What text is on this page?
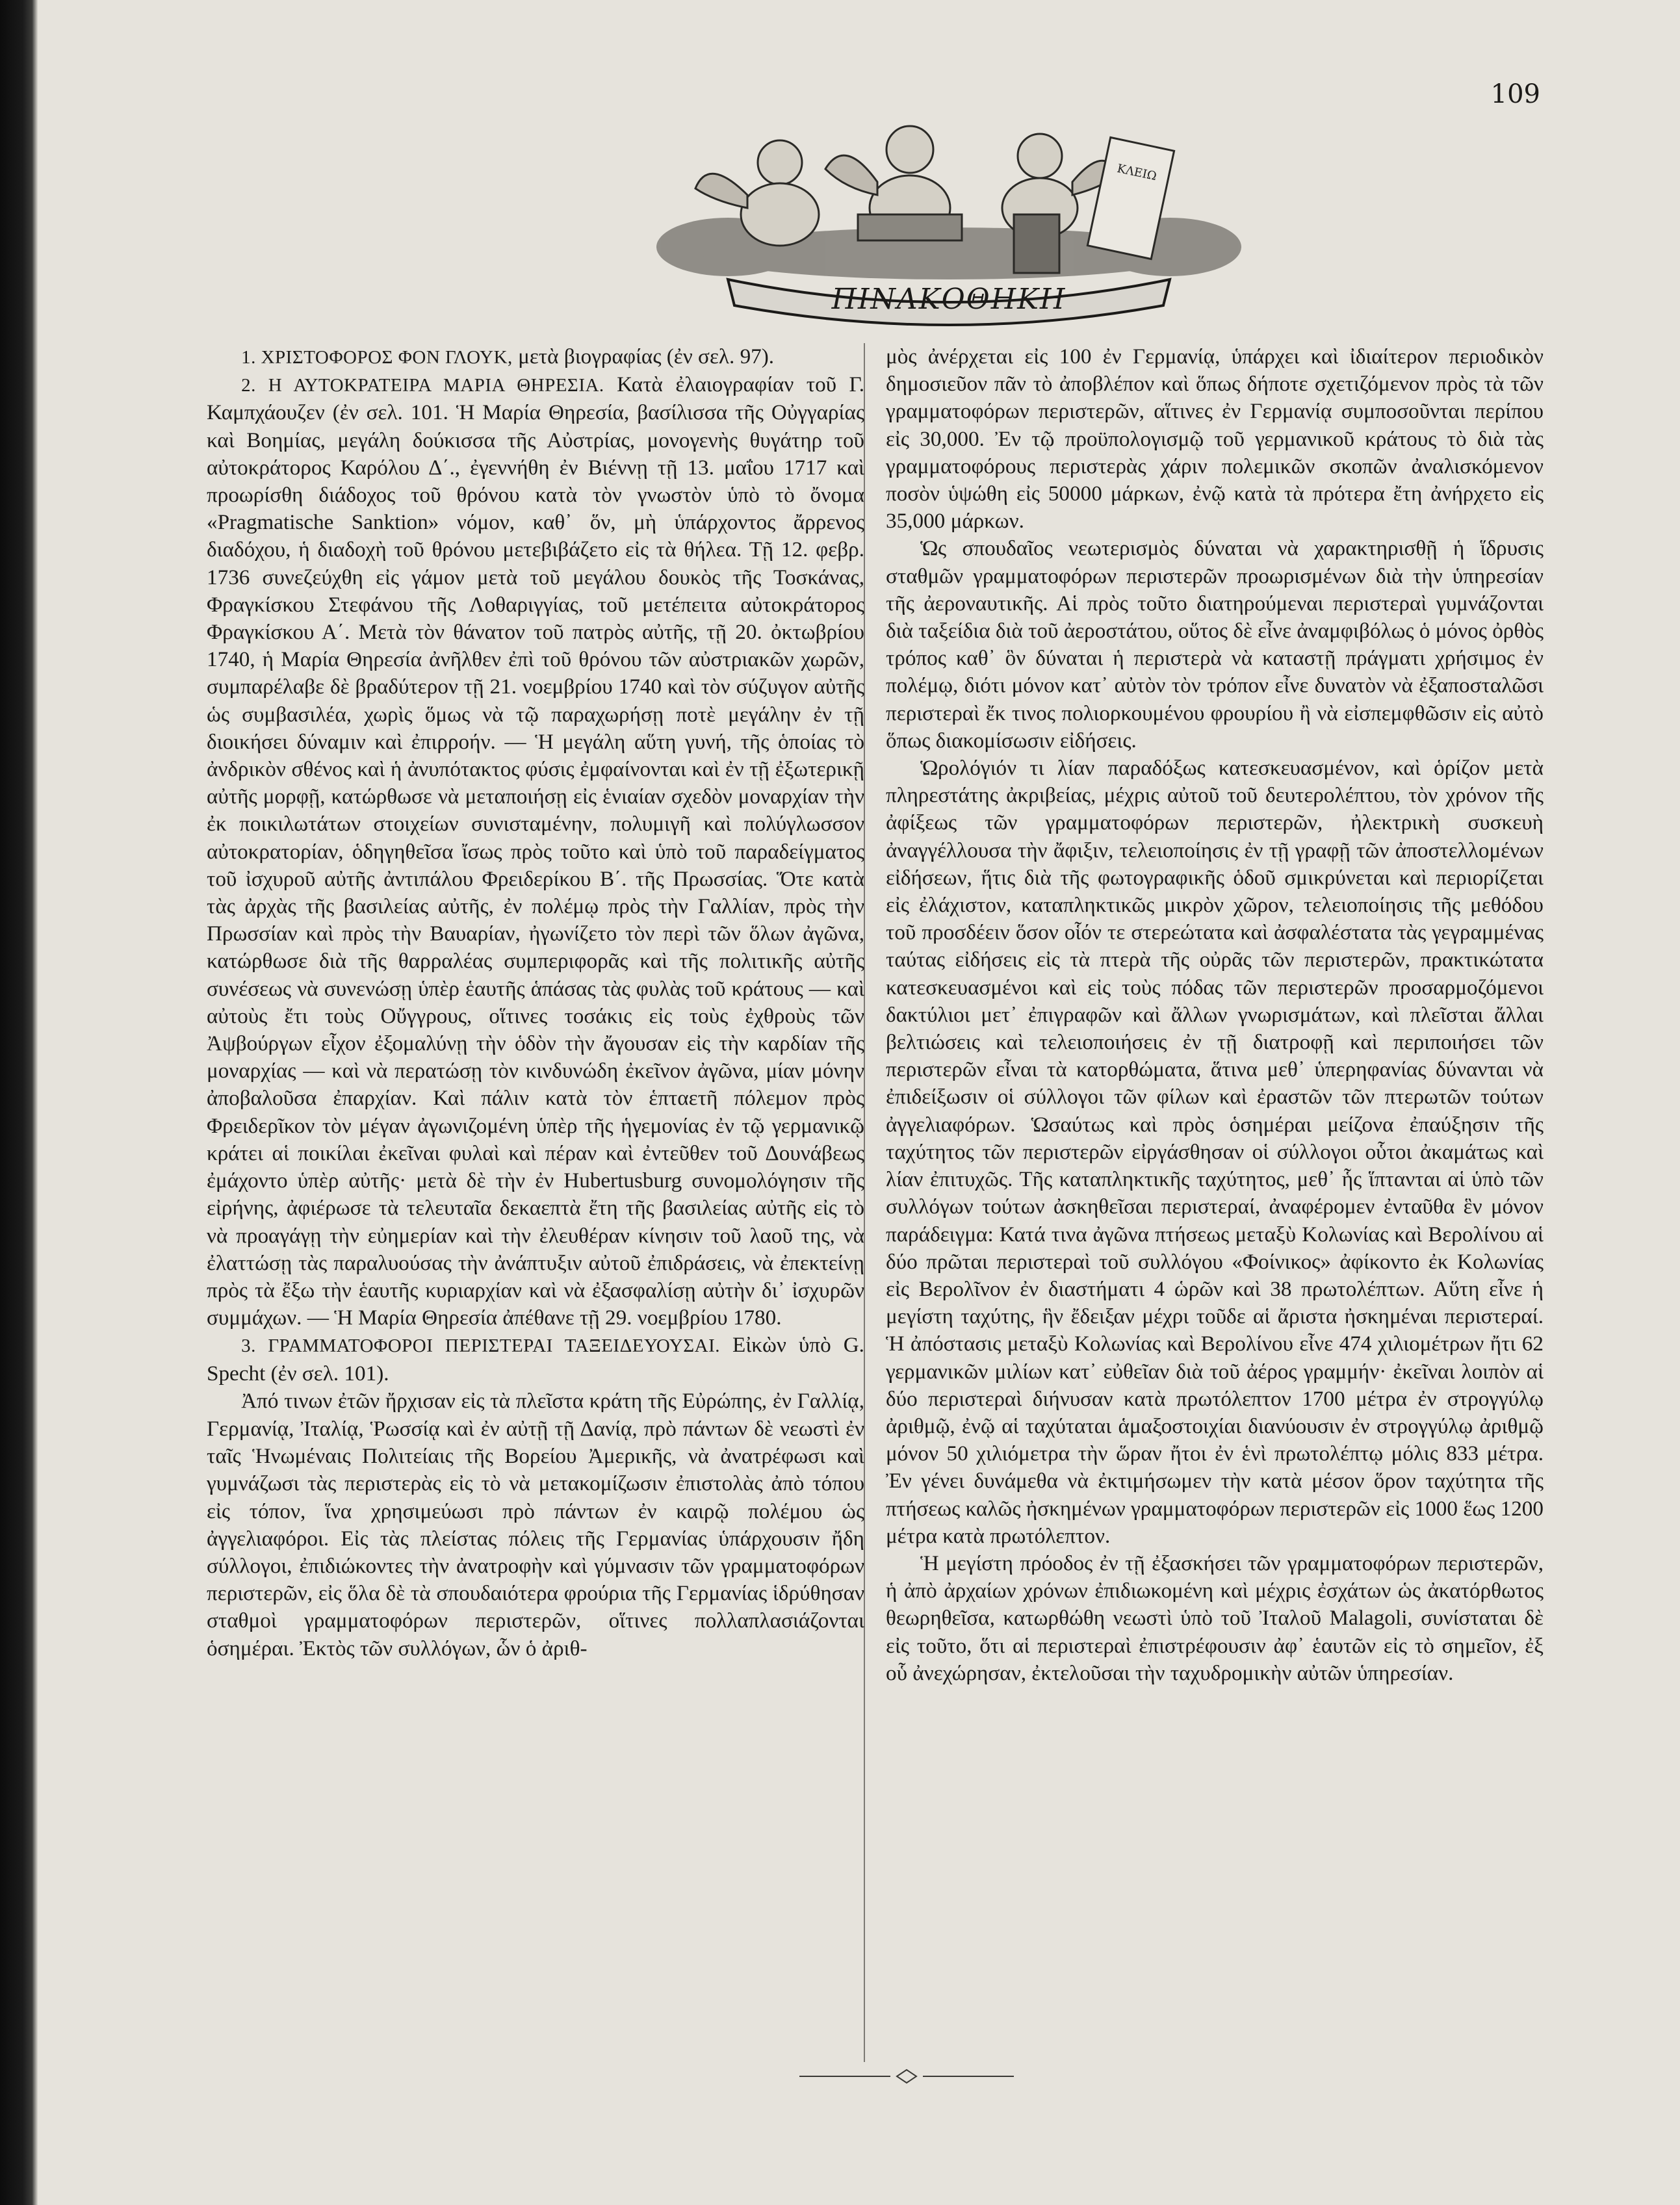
109
ΚΛΕΙΩ
ΠΙΝΑΚΟΘΗΚΗ

1. ΧΡΙΣΤΟΦΟΡΟΣ ΦΟΝ ΓΛΟΥΚ, μετὰ βιογραφίας (ἐν σελ. 97).

2. Η ΑΥΤΟΚΡΑΤΕΙΡΑ ΜΑΡΙΑ ΘΗΡΕΣΙΑ. Κατὰ ἐλαιογραφίαν τοῦ Γ. Καμπχάουζεν (ἐν σελ. 101. Ἡ Μαρία Θηρεσία, βασίλισσα τῆς Οὐγγαρίας καὶ Βοημίας, μεγάλη δούκισσα τῆς Αὐστρίας, μονογενὴς θυγάτηρ τοῦ αὐτοκράτορος Καρόλου Δ΄., ἐγεννήθη ἐν Βιέννῃ τῇ 13. μαΐου 1717 καὶ προωρίσθη διάδοχος τοῦ θρόνου κατὰ τὸν γνωστὸν ὑπὸ τὸ ὄνομα «Pragmatische Sanktion» νόμον, καθ᾽ ὅν, μὴ ὑπάρχοντος ἄρρενος διαδόχου, ἡ διαδοχὴ τοῦ θρόνου μετεβιβάζετο εἰς τὰ θήλεα. Τῇ 12. φεβρ. 1736 συνεζεύχθη εἰς γάμον μετὰ τοῦ μεγάλου δουκὸς τῆς Τοσκάνας, Φραγκίσκου Στεφάνου τῆς Λοθαριγγίας, τοῦ μετέπειτα αὐτοκράτορος Φραγκίσκου Α΄. Μετὰ τὸν θάνατον τοῦ πατρὸς αὐτῆς, τῇ 20. ὀκτωβρίου 1740, ἡ Μαρία Θηρεσία ἀνῆλθεν ἐπὶ τοῦ θρόνου τῶν αὐστριακῶν χωρῶν, συμπαρέλαβε δὲ βραδύτερον τῇ 21. νοεμβρίου 1740 καὶ τὸν σύζυγον αὐτῆς ὡς συμβασιλέα, χωρὶς ὅμως νὰ τῷ παραχωρήσῃ ποτὲ μεγάλην ἐν τῇ διοικήσει δύναμιν καὶ ἐπιρροήν. — Ἡ μεγάλη αὕτη γυνή, τῆς ὁποίας τὸ ἀνδρικὸν σθένος καὶ ἡ ἀνυπότακτος φύσις ἐμφαίνονται καὶ ἐν τῇ ἐξωτερικῇ αὐτῆς μορφῇ, κατώρθωσε νὰ μεταποιήσῃ εἰς ἑνιαίαν σχεδὸν μοναρχίαν τὴν ἐκ ποικιλωτάτων στοιχείων συνισταμένην, πολυμιγῆ καὶ πολύγλωσσον αὐτοκρατορίαν, ὁδηγηθεῖσα ἴσως πρὸς τοῦτο καὶ ὑπὸ τοῦ παραδείγματος τοῦ ἰσχυροῦ αὐτῆς ἀντιπάλου Φρειδερίκου Β΄. τῆς Πρωσσίας. Ὅτε κατὰ τὰς ἀρχὰς τῆς βασιλείας αὐτῆς, ἐν πολέμῳ πρὸς τὴν Γαλλίαν, πρὸς τὴν Πρωσσίαν καὶ πρὸς τὴν Βαυαρίαν, ἠγωνίζετο τὸν περὶ τῶν ὅλων ἀγῶνα, κατώρθωσε διὰ τῆς θαρραλέας συμπεριφορᾶς καὶ τῆς πολιτικῆς αὐτῆς συνέσεως νὰ συνενώσῃ ὑπὲρ ἑαυτῆς ἁπάσας τὰς φυλὰς τοῦ κράτους — καὶ αὐτοὺς ἔτι τοὺς Οὔγγρους, οἵτινες τοσάκις εἰς τοὺς ἐχθροὺς τῶν Ἀψβούργων εἶχον ἐξομαλύνῃ τὴν ὁδὸν τὴν ἄγουσαν εἰς τὴν καρδίαν τῆς μοναρχίας — καὶ νὰ περατώσῃ τὸν κινδυνώδη ἐκεῖνον ἀγῶνα, μίαν μόνην ἀποβαλοῦσα ἐπαρχίαν. Καὶ πάλιν κατὰ τὸν ἑπταετῆ πόλεμον πρὸς Φρειδερῖκον τὸν μέγαν ἀγωνιζομένη ὑπὲρ τῆς ἡγεμονίας ἐν τῷ γερμανικῷ κράτει αἱ ποικίλαι ἐκεῖναι φυλαὶ καὶ πέραν καὶ ἐντεῦθεν τοῦ Δουνάβεως ἐμάχοντο ὑπὲρ αὐτῆς· μετὰ δὲ τὴν ἐν Hubertusburg συνομολόγησιν τῆς εἰρήνης, ἀφιέρωσε τὰ τελευταῖα δεκαεπτὰ ἔτη τῆς βασιλείας αὐτῆς εἰς τὸ νὰ προαγάγῃ τὴν εὐημερίαν καὶ τὴν ἐλευθέραν κίνησιν τοῦ λαοῦ της, νὰ ἐλαττώσῃ τὰς παραλυούσας τὴν ἀνάπτυξιν αὐτοῦ ἐπιδράσεις, νὰ ἐπεκτείνῃ πρὸς τὰ ἔξω τὴν ἑαυτῆς κυριαρχίαν καὶ νὰ ἐξασφαλίσῃ αὐτὴν δι᾽ ἰσχυρῶν συμμάχων. — Ἡ Μαρία Θηρεσία ἀπέθανε τῇ 29. νοεμβρίου 1780.

3. ΓΡΑΜΜΑΤΟΦΟΡΟΙ ΠΕΡΙΣΤΕΡΑΙ ΤΑΞΕΙΔΕΥΟΥΣΑΙ. Εἰκὼν ὑπὸ G. Specht (ἐν σελ. 101).

Ἀπό τινων ἐτῶν ἤρχισαν εἰς τὰ πλεῖστα κράτη τῆς Εὐρώπης, ἐν Γαλλίᾳ, Γερμανίᾳ, Ἰταλίᾳ, Ῥωσσίᾳ καὶ ἐν αὐτῇ τῇ Δανίᾳ, πρὸ πάντων δὲ νεωστὶ ἐν ταῖς Ἡνωμέναις Πολιτείαις τῆς Βορείου Ἀμερικῆς, νὰ ἀνατρέφωσι καὶ γυμνάζωσι τὰς περιστερὰς εἰς τὸ νὰ μετακομίζωσιν ἐπιστολὰς ἀπὸ τόπου εἰς τόπον, ἵνα χρησιμεύωσι πρὸ πάντων ἐν καιρῷ πολέμου ὡς ἀγγελιαφόροι. Εἰς τὰς πλείστας πόλεις τῆς Γερμανίας ὑπάρχουσιν ἤδη σύλλογοι, ἐπιδιώκοντες τὴν ἀνατροφὴν καὶ γύμνασιν τῶν γραμματοφόρων περιστερῶν, εἰς ὅλα δὲ τὰ σπουδαιότερα φρούρια τῆς Γερμανίας ἱδρύθησαν σταθμοὶ γραμματοφόρων περιστερῶν, οἵτινες πολλαπλασιάζονται ὁσημέραι. Ἐκτὸς τῶν συλλόγων, ὧν ὁ ἀριθ-

μὸς ἀνέρχεται εἰς 100 ἐν Γερμανίᾳ, ὑπάρχει καὶ ἰδιαίτερον περιοδικὸν δημοσιεῦον πᾶν τὸ ἀποβλέπον καὶ ὅπως δήποτε σχετιζόμενον πρὸς τὰ τῶν γραμματοφόρων περιστερῶν, αἵτινες ἐν Γερμανίᾳ συμποσοῦνται περίπου εἰς 30,000. Ἐν τῷ προϋπολογισμῷ τοῦ γερμανικοῦ κράτους τὸ διὰ τὰς γραμματοφόρους περιστερὰς χάριν πολεμικῶν σκοπῶν ἀναλισκόμενον ποσὸν ὑψώθη εἰς 50000 μάρκων, ἐνῷ κατὰ τὰ πρότερα ἔτη ἀνήρχετο εἰς 35,000 μάρκων.

Ὡς σπουδαῖος νεωτερισμὸς δύναται νὰ χαρακτηρισθῇ ἡ ἵδρυσις σταθμῶν γραμματοφόρων περιστερῶν προωρισμένων διὰ τὴν ὑπηρεσίαν τῆς ἀεροναυτικῆς. Αἱ πρὸς τοῦτο διατηρούμεναι περιστεραὶ γυμνάζονται διὰ ταξείδια διὰ τοῦ ἀεροστάτου, οὕτος δὲ εἶνε ἀναμφιβόλως ὁ μόνος ὀρθὸς τρόπος καθ᾽ ὃν δύναται ἡ περιστερὰ νὰ καταστῇ πράγματι χρήσιμος ἐν πολέμῳ, διότι μόνον κατ᾽ αὐτὸν τὸν τρόπον εἶνε δυνατὸν νὰ ἐξαποσταλῶσι περιστεραὶ ἔκ τινος πολιορκουμένου φρουρίου ἢ νὰ εἰσπεμφθῶσιν εἰς αὐτὸ ὅπως διακομίσωσιν εἰδήσεις.

Ὡρολόγιόν τι λίαν παραδόξως κατεσκευασμένον, καὶ ὁρίζον μετὰ πληρεστάτης ἀκριβείας, μέχρις αὐτοῦ τοῦ δευτερολέπτου, τὸν χρόνον τῆς ἀφίξεως τῶν γραμματοφόρων περιστερῶν, ἠλεκτρικὴ συσκευὴ ἀναγγέλλουσα τὴν ἄφιξιν, τελειοποίησις ἐν τῇ γραφῇ τῶν ἀποστελλομένων εἰδήσεων, ἥτις διὰ τῆς φωτογραφικῆς ὁδοῦ σμικρύνεται καὶ περιορίζεται εἰς ἐλάχιστον, καταπληκτικῶς μικρὸν χῶρον, τελειοποίησις τῆς μεθόδου τοῦ προσδέειν ὅσον οἷόν τε στερεώτατα καὶ ἀσφαλέστατα τὰς γεγραμμένας ταύτας εἰδήσεις εἰς τὰ πτερὰ τῆς οὐρᾶς τῶν περιστερῶν, πρακτικώτατα κατεσκευασμένοι καὶ εἰς τοὺς πόδας τῶν περιστερῶν προσαρμοζόμενοι δακτύλιοι μετ᾽ ἐπιγραφῶν καὶ ἄλλων γνωρισμάτων, καὶ πλεῖσται ἄλλαι βελτιώσεις καὶ τελειοποιήσεις ἐν τῇ διατροφῇ καὶ περιποιήσει τῶν περιστερῶν εἶναι τὰ κατορθώματα, ἅτινα μεθ᾽ ὑπερηφανίας δύνανται νὰ ἐπιδείξωσιν οἱ σύλλογοι τῶν φίλων καὶ ἐραστῶν τῶν πτερωτῶν τούτων ἀγγελιαφόρων. Ὡσαύτως καὶ πρὸς ὁσημέραι μείζονα ἐπαύξησιν τῆς ταχύτητος τῶν περιστερῶν εἰργάσθησαν οἱ σύλλογοι οὗτοι ἀκαμάτως καὶ λίαν ἐπιτυχῶς. Τῆς καταπληκτικῆς ταχύτητος, μεθ᾽ ἧς ἵπτανται αἱ ὑπὸ τῶν συλλόγων τούτων ἀσκηθεῖσαι περιστεραί, ἀναφέρομεν ἐνταῦθα ἓν μόνον παράδειγμα: Κατά τινα ἀγῶνα πτήσεως μεταξὺ Κολωνίας καὶ Βερολίνου αἱ δύο πρῶται περιστεραὶ τοῦ συλλόγου «Φοίνικος» ἀφίκοντο ἐκ Κολωνίας εἰς Βερολῖνον ἐν διαστήματι 4 ὡρῶν καὶ 38 πρωτολέπτων. Αὕτη εἶνε ἡ μεγίστη ταχύτης, ἣν ἔδειξαν μέχρι τοῦδε αἱ ἄριστα ἠσκημέναι περιστεραί. Ἡ ἀπόστασις μεταξὺ Κολωνίας καὶ Βερολίνου εἶνε 474 χιλιομέτρων ἤτι 62 γερμανικῶν μιλίων κατ᾽ εὐθεῖαν διὰ τοῦ ἀέρος γραμμήν· ἐκεῖναι λοιπὸν αἱ δύο περιστεραὶ διήνυσαν κατὰ πρωτόλεπτον 1700 μέτρα ἐν στρογγύλῳ ἀριθμῷ, ἐνῷ αἱ ταχύταται ἁμαξοστοιχίαι διανύουσιν ἐν στρογγύλῳ ἀριθμῷ μόνον 50 χιλιόμετρα τὴν ὥραν ἤτοι ἐν ἑνὶ πρωτολέπτῳ μόλις 833 μέτρα. Ἐν γένει δυνάμεθα νὰ ἐκτιμήσωμεν τὴν κατὰ μέσον ὅρον ταχύτητα τῆς πτήσεως καλῶς ἠσκημένων γραμματοφόρων περιστερῶν εἰς 1000 ἕως 1200 μέτρα κατὰ πρωτόλεπτον.

Ἡ μεγίστη πρόοδος ἐν τῇ ἐξασκήσει τῶν γραμματοφόρων περιστερῶν, ἡ ἀπὸ ἀρχαίων χρόνων ἐπιδιωκομένη καὶ μέχρις ἐσχάτων ὡς ἀκατόρθωτος θεωρηθεῖσα, κατωρθώθη νεωστὶ ὑπὸ τοῦ Ἰταλοῦ Malagoli, συνίσταται δὲ εἰς τοῦτο, ὅτι αἱ περιστεραὶ ἐπιστρέφουσιν ἀφ᾽ ἑαυτῶν εἰς τὸ σημεῖον, ἐξ οὗ ἀνεχώρησαν, ἐκτελοῦσαι τὴν ταχυδρομικὴν αὐτῶν ὑπηρεσίαν.
